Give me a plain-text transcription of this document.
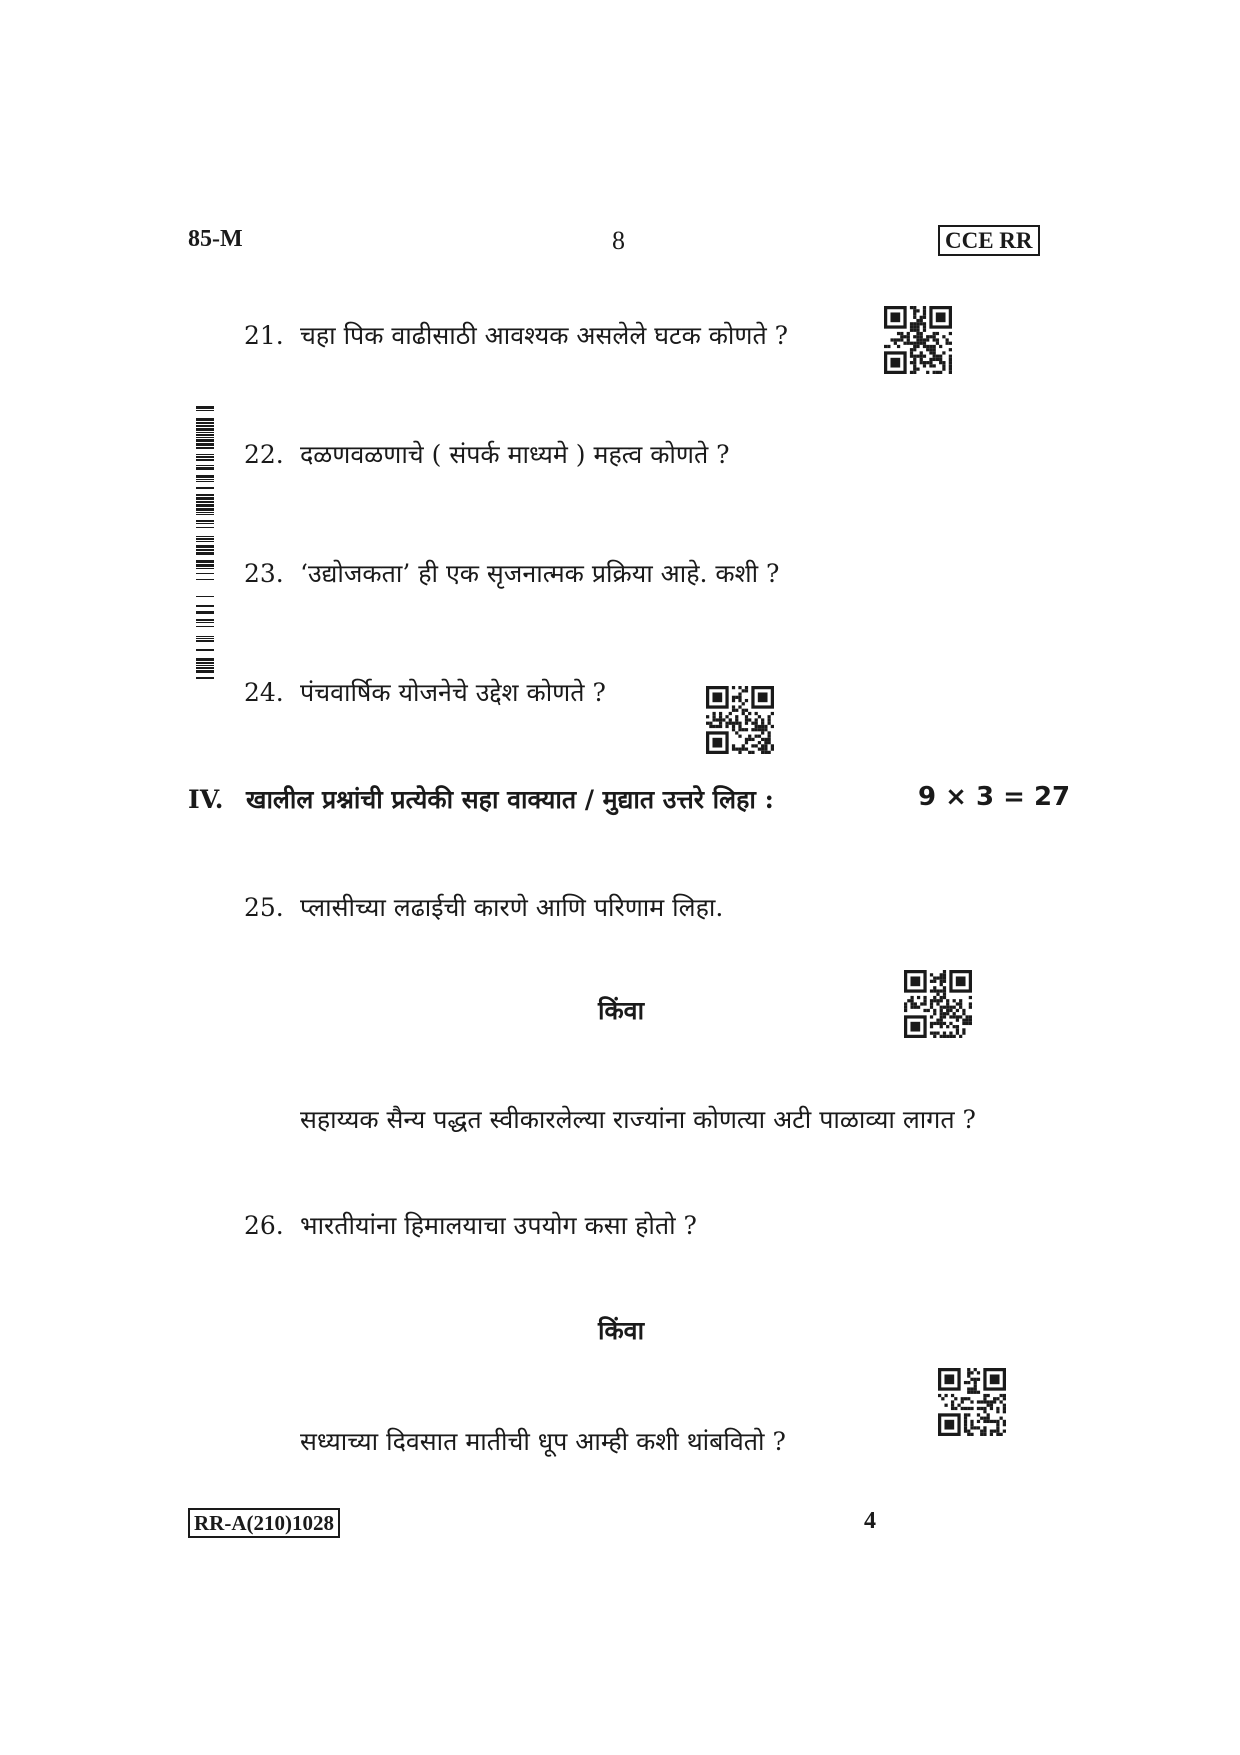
85-M	8	CCE RR
21. चहा पिक वाढीसाठी आवश्यक असलेले घटक कोणते ?
22. दळणवळणाचे ( संपर्क माध्यमे ) महत्व कोणते ?
23. ‘उद्योजकता’ ही एक सृजनात्मक प्रक्रिया आहे. कशी ?
24. पंचवार्षिक योजनेचे उद्देश कोणते ?
IV. खालील प्रश्नांची प्रत्येकी सहा वाक्यात / मुद्यात उत्तरे लिहा :	9 × 3 = 27
25. प्लासीच्या लढाईची कारणे आणि परिणाम लिहा.
किंवा
सहाय्यक सैन्य पद्धत स्वीकारलेल्या राज्यांना कोणत्या अटी पाळाव्या लागत ?
26. भारतीयांना हिमालयाचा उपयोग कसा होतो ?
किंवा
सध्याच्या दिवसात मातीची धूप आम्ही कशी थांबवितो ?
RR-A(210)1028	4
